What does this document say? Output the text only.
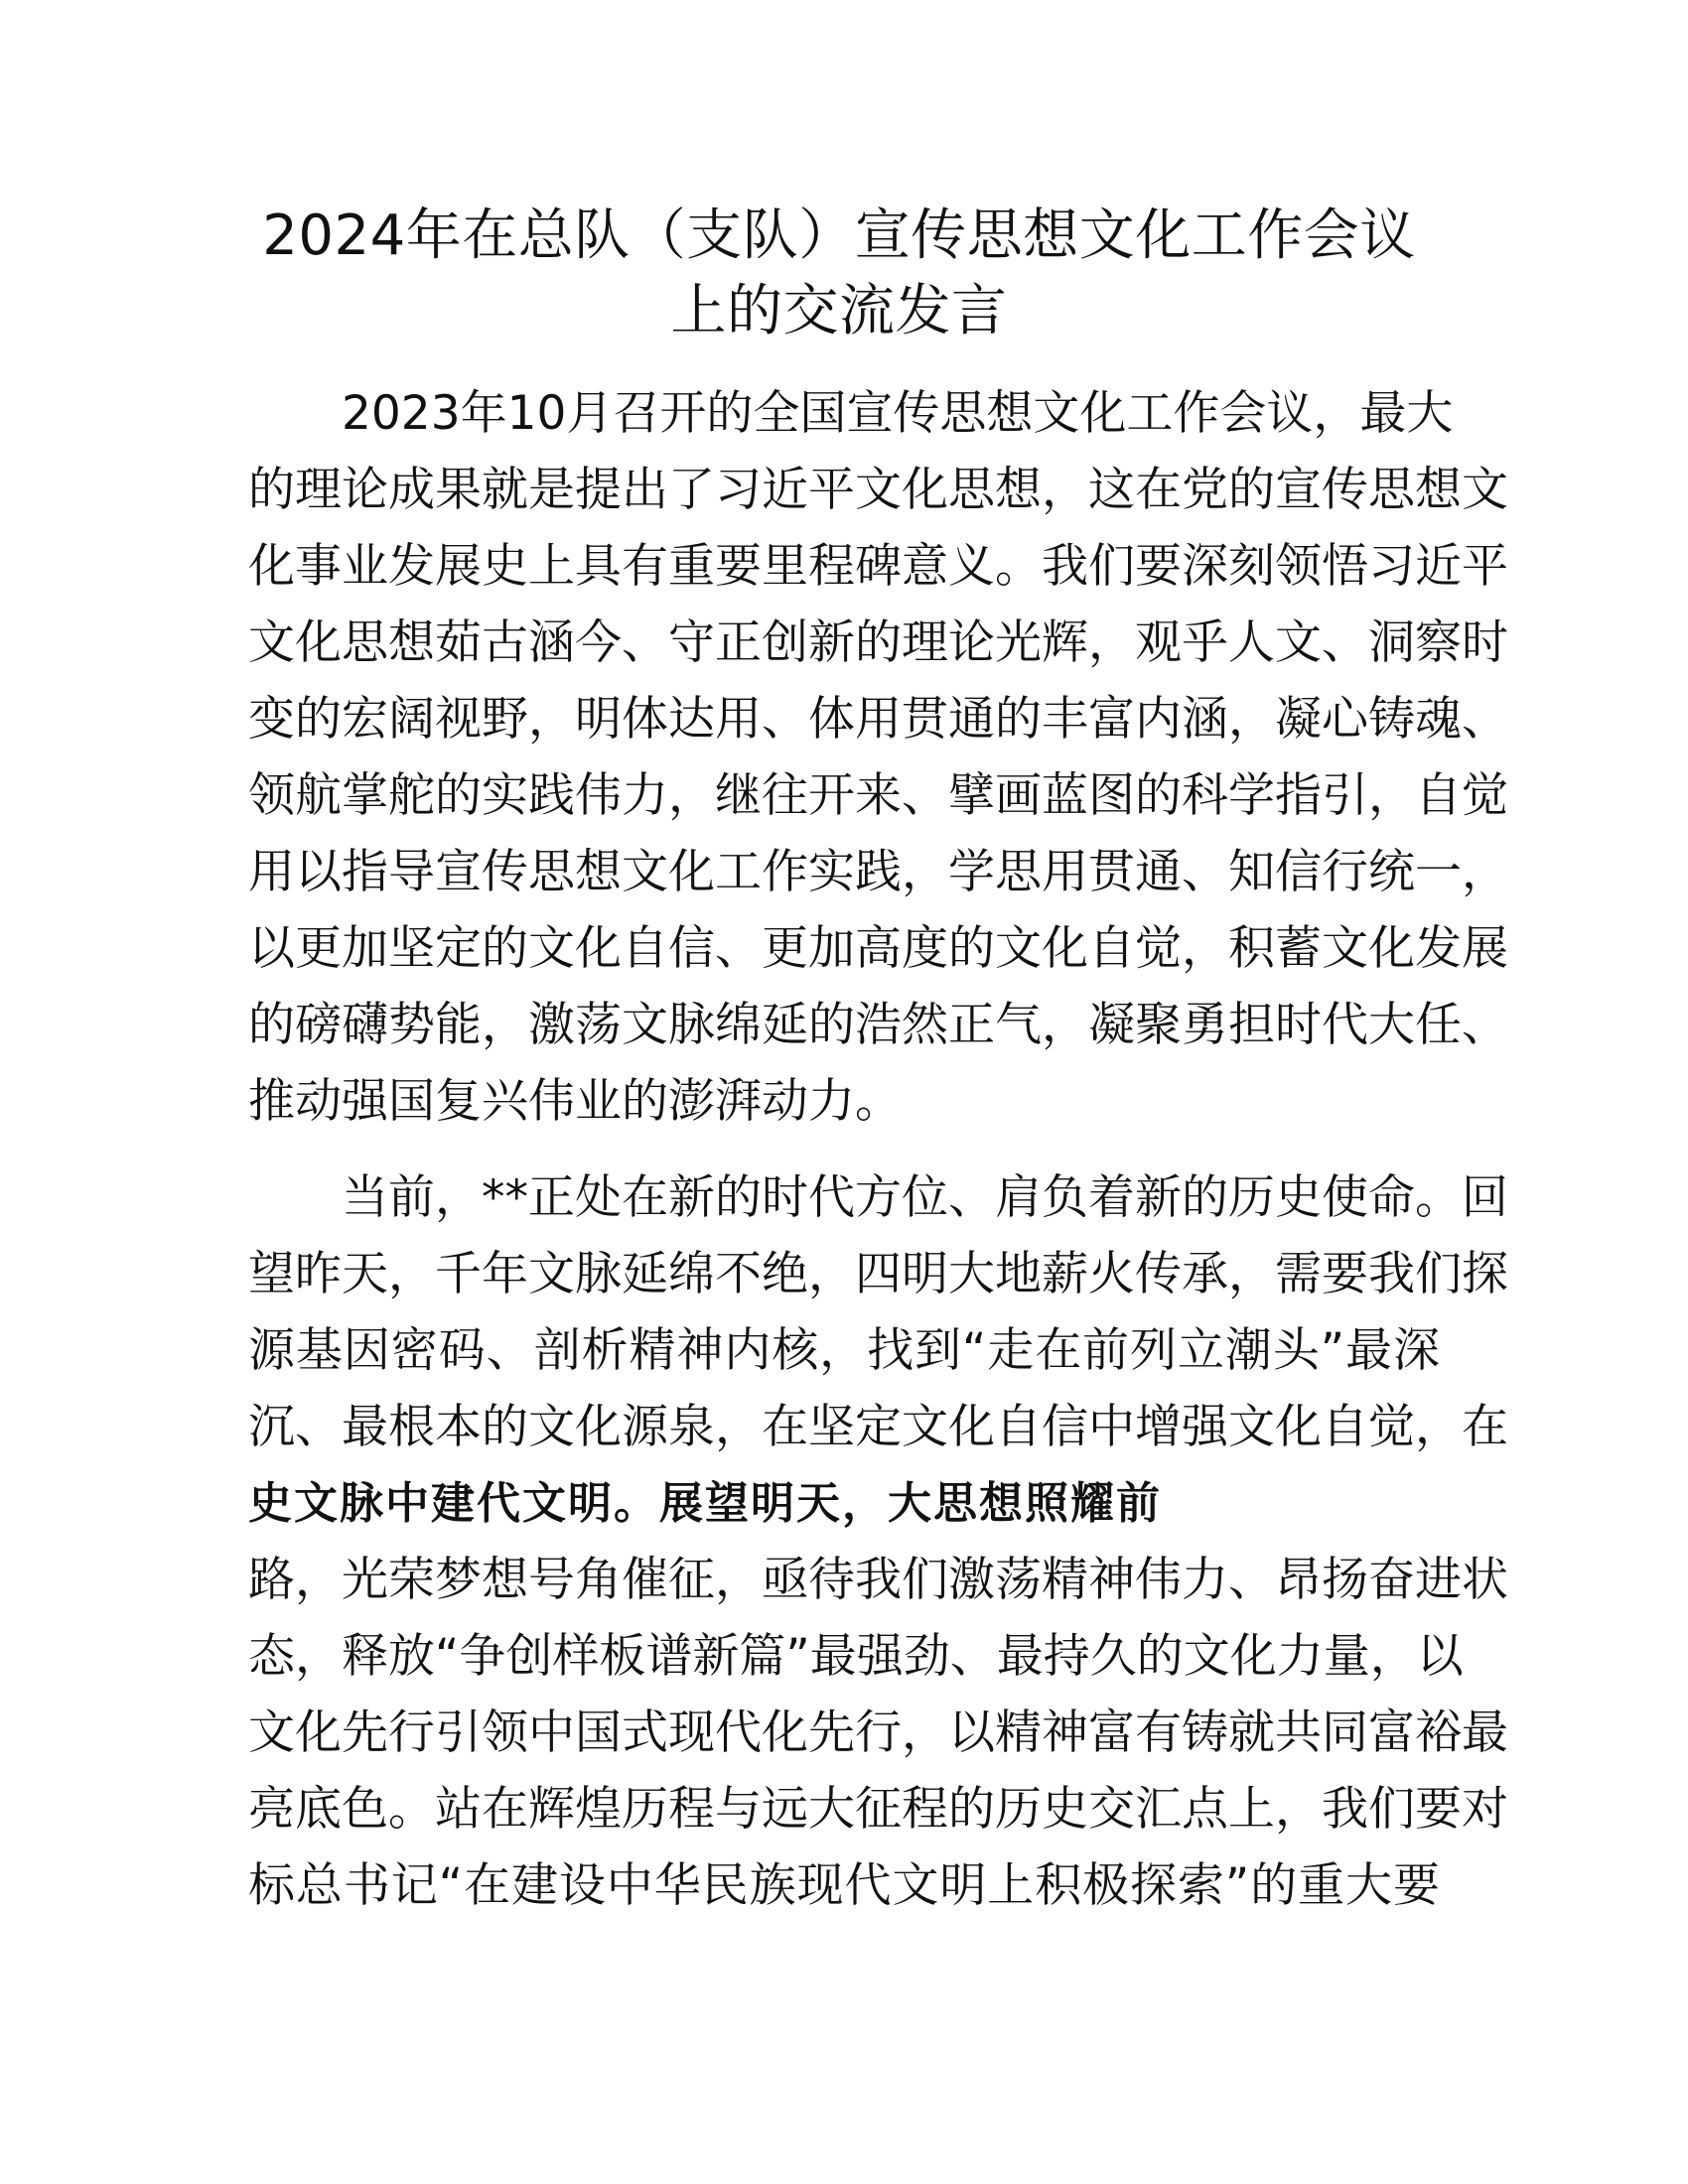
2024年在总队（支队）宣传思想文化工作会议
上的交流发言
2023年10月召开的全国宣传思想文化工作会议，最大
的理论成果就是提出了习近平文化思想，这在党的宣传思想文
化事业发展史上具有重要里程碑意义。我们要深刻领悟习近平
文化思想茹古涵今、守正创新的理论光辉，观乎人文、洞察时
变的宏阔视野，明体达用、体用贯通的丰富内涵，凝心铸魂、
领航掌舵的实践伟力，继往开来、擘画蓝图的科学指引，自觉
用以指导宣传思想文化工作实践，学思用贯通、知信行统一，
以更加坚定的文化自信、更加高度的文化自觉，积蓄文化发展
的磅礴势能，激荡文脉绵延的浩然正气，凝聚勇担时代大任、
推动强国复兴伟业的澎湃动力。
当前，**正处在新的时代方位、肩负着新的历史使命。回
望昨天，千年文脉延绵不绝，四明大地薪火传承，需要我们探
源基因密码、剖析精神内核，找到“走在前列立潮头”最深
沉、最根本的文化源泉，在坚定文化自信中增强文化自觉，在
史文脉中建代文明。展望明天，大思想照耀前
路，光荣梦想号角催征，亟待我们激荡精神伟力、昂扬奋进状
态，释放“争创样板谱新篇”最强劲、最持久的文化力量，以
文化先行引领中国式现代化先行，以精神富有铸就共同富裕最
亮底色。站在辉煌历程与远大征程的历史交汇点上，我们要对
标总书记“在建设中华民族现代文明上积极探索”的重大要
